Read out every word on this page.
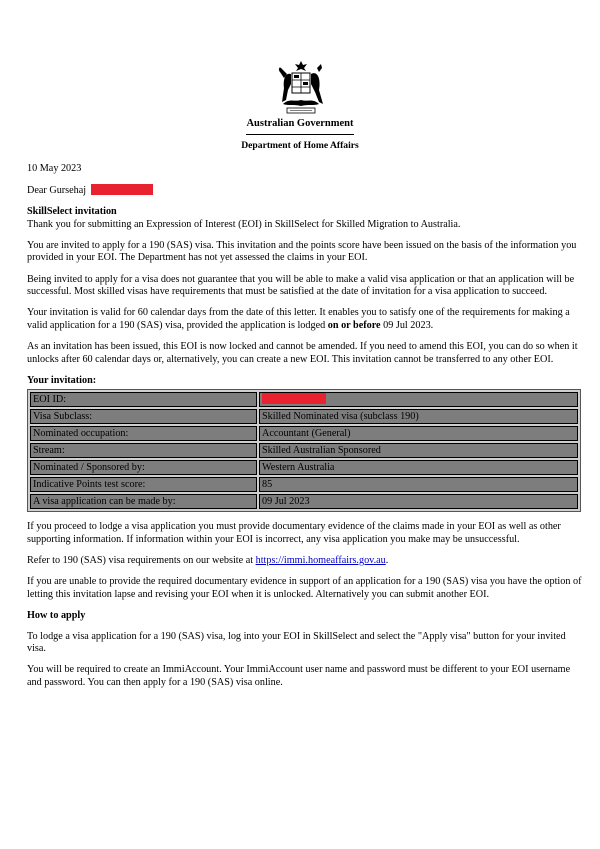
Australian Government
Department of Home Affairs

10 May 2023

Dear Gursehaj

SkillSelect invitation
Thank you for submitting an Expression of Interest (EOI) in SkillSelect for Skilled Migration to Australia.

You are invited to apply for a 190 (SAS) visa. This invitation and the points score have been issued on the basis of the information you provided in your EOI. The Department has not yet assessed the claims in your EOI.

Being invited to apply for a visa does not guarantee that you will be able to make a valid visa application or that an application will be successful. Most skilled visas have requirements that must be satisfied at the date of invitation for a visa application to succeed.

Your invitation is valid for 60 calendar days from the date of this letter. It enables you to satisfy one of the requirements for making a valid application for a 190 (SAS) visa, provided the application is lodged on or before 09 Jul 2023.

As an invitation has been issued, this EOI is now locked and cannot be amended. If you need to amend this EOI, you can do so when it unlocks after 60 calendar days or, alternatively, you can create a new EOI. This invitation cannot be transferred to any other EOI.

Your invitation:
EOI ID:	
Visa Subclass:	Skilled Nominated visa (subclass 190)
Nominated occupation:	Accountant (General)
Stream:	Skilled Australian Sponsored
Nominated / Sponsored by:	Western Australia
Indicative Points test score:	85
A visa application can be made by:	09 Jul 2023

If you proceed to lodge a visa application you must provide documentary evidence of the claims made in your EOI as well as other supporting information. If information within your EOI is incorrect, any visa application you make may be unsuccessful.

Refer to 190 (SAS) visa requirements on our website at https://immi.homeaffairs.gov.au.

If you are unable to provide the required documentary evidence in support of an application for a 190 (SAS) visa you have the option of letting this invitation lapse and revising your EOI when it is unlocked. Alternatively you can submit another EOI.

How to apply

To lodge a visa application for a 190 (SAS) visa, log into your EOI in SkillSelect and select the "Apply visa" button for your invited visa.

You will be required to create an ImmiAccount. Your ImmiAccount user name and password must be different to your EOI username and password. You can then apply for a 190 (SAS) visa online.
